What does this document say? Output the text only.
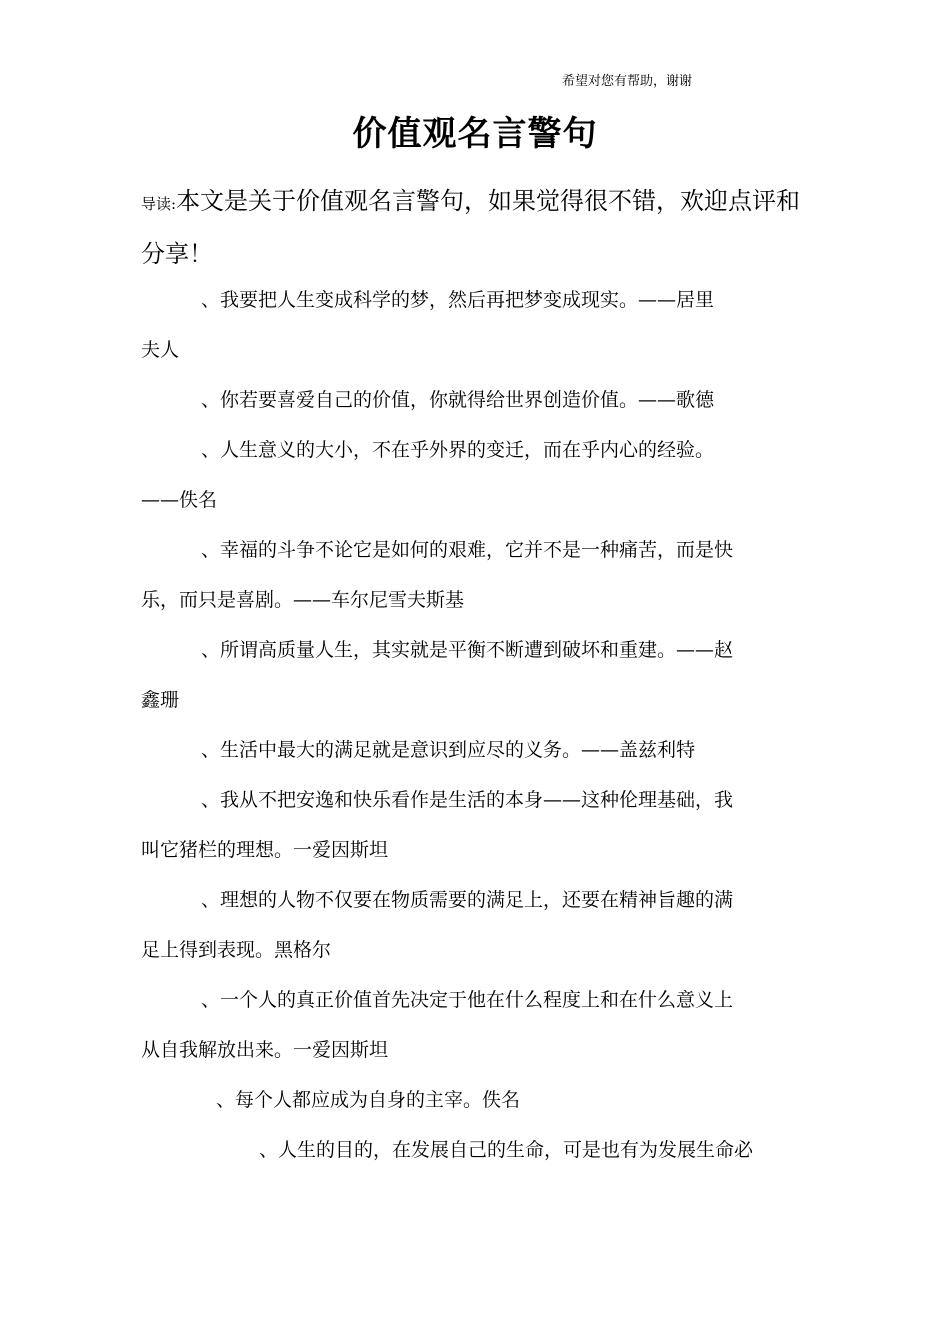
希望对您有帮助，谢谢
价值观名言警句
导读:本文是关于价值观名言警句，如果觉得很不错，欢迎点评和分享！

、我要把人生变成科学的梦，然后再把梦变成现实。——居里
夫人

、你若要喜爱自己的价值，你就得给世界创造价值。——歌德

、人生意义的大小，不在乎外界的变迁，而在乎内心的经验。
——佚名

、幸福的斗争不论它是如何的艰难，它并不是一种痛苦，而是快
乐，而只是喜剧。——车尔尼雪夫斯基

、所谓高质量人生，其实就是平衡不断遭到破坏和重建。——赵
鑫珊

、生活中最大的满足就是意识到应尽的义务。——盖兹利特

、我从不把安逸和快乐看作是生活的本身——这种伦理基础，我
叫它猪栏的理想。一爱因斯坦

、理想的人物不仅要在物质需要的满足上，还要在精神旨趣的满
足上得到表现。黑格尔

、一个人的真正价值首先决定于他在什么程度上和在什么意义上
从自我解放出来。一爱因斯坦

、每个人都应成为自身的主宰。佚名

、人生的目的，在发展自己的生命，可是也有为发展生命必
